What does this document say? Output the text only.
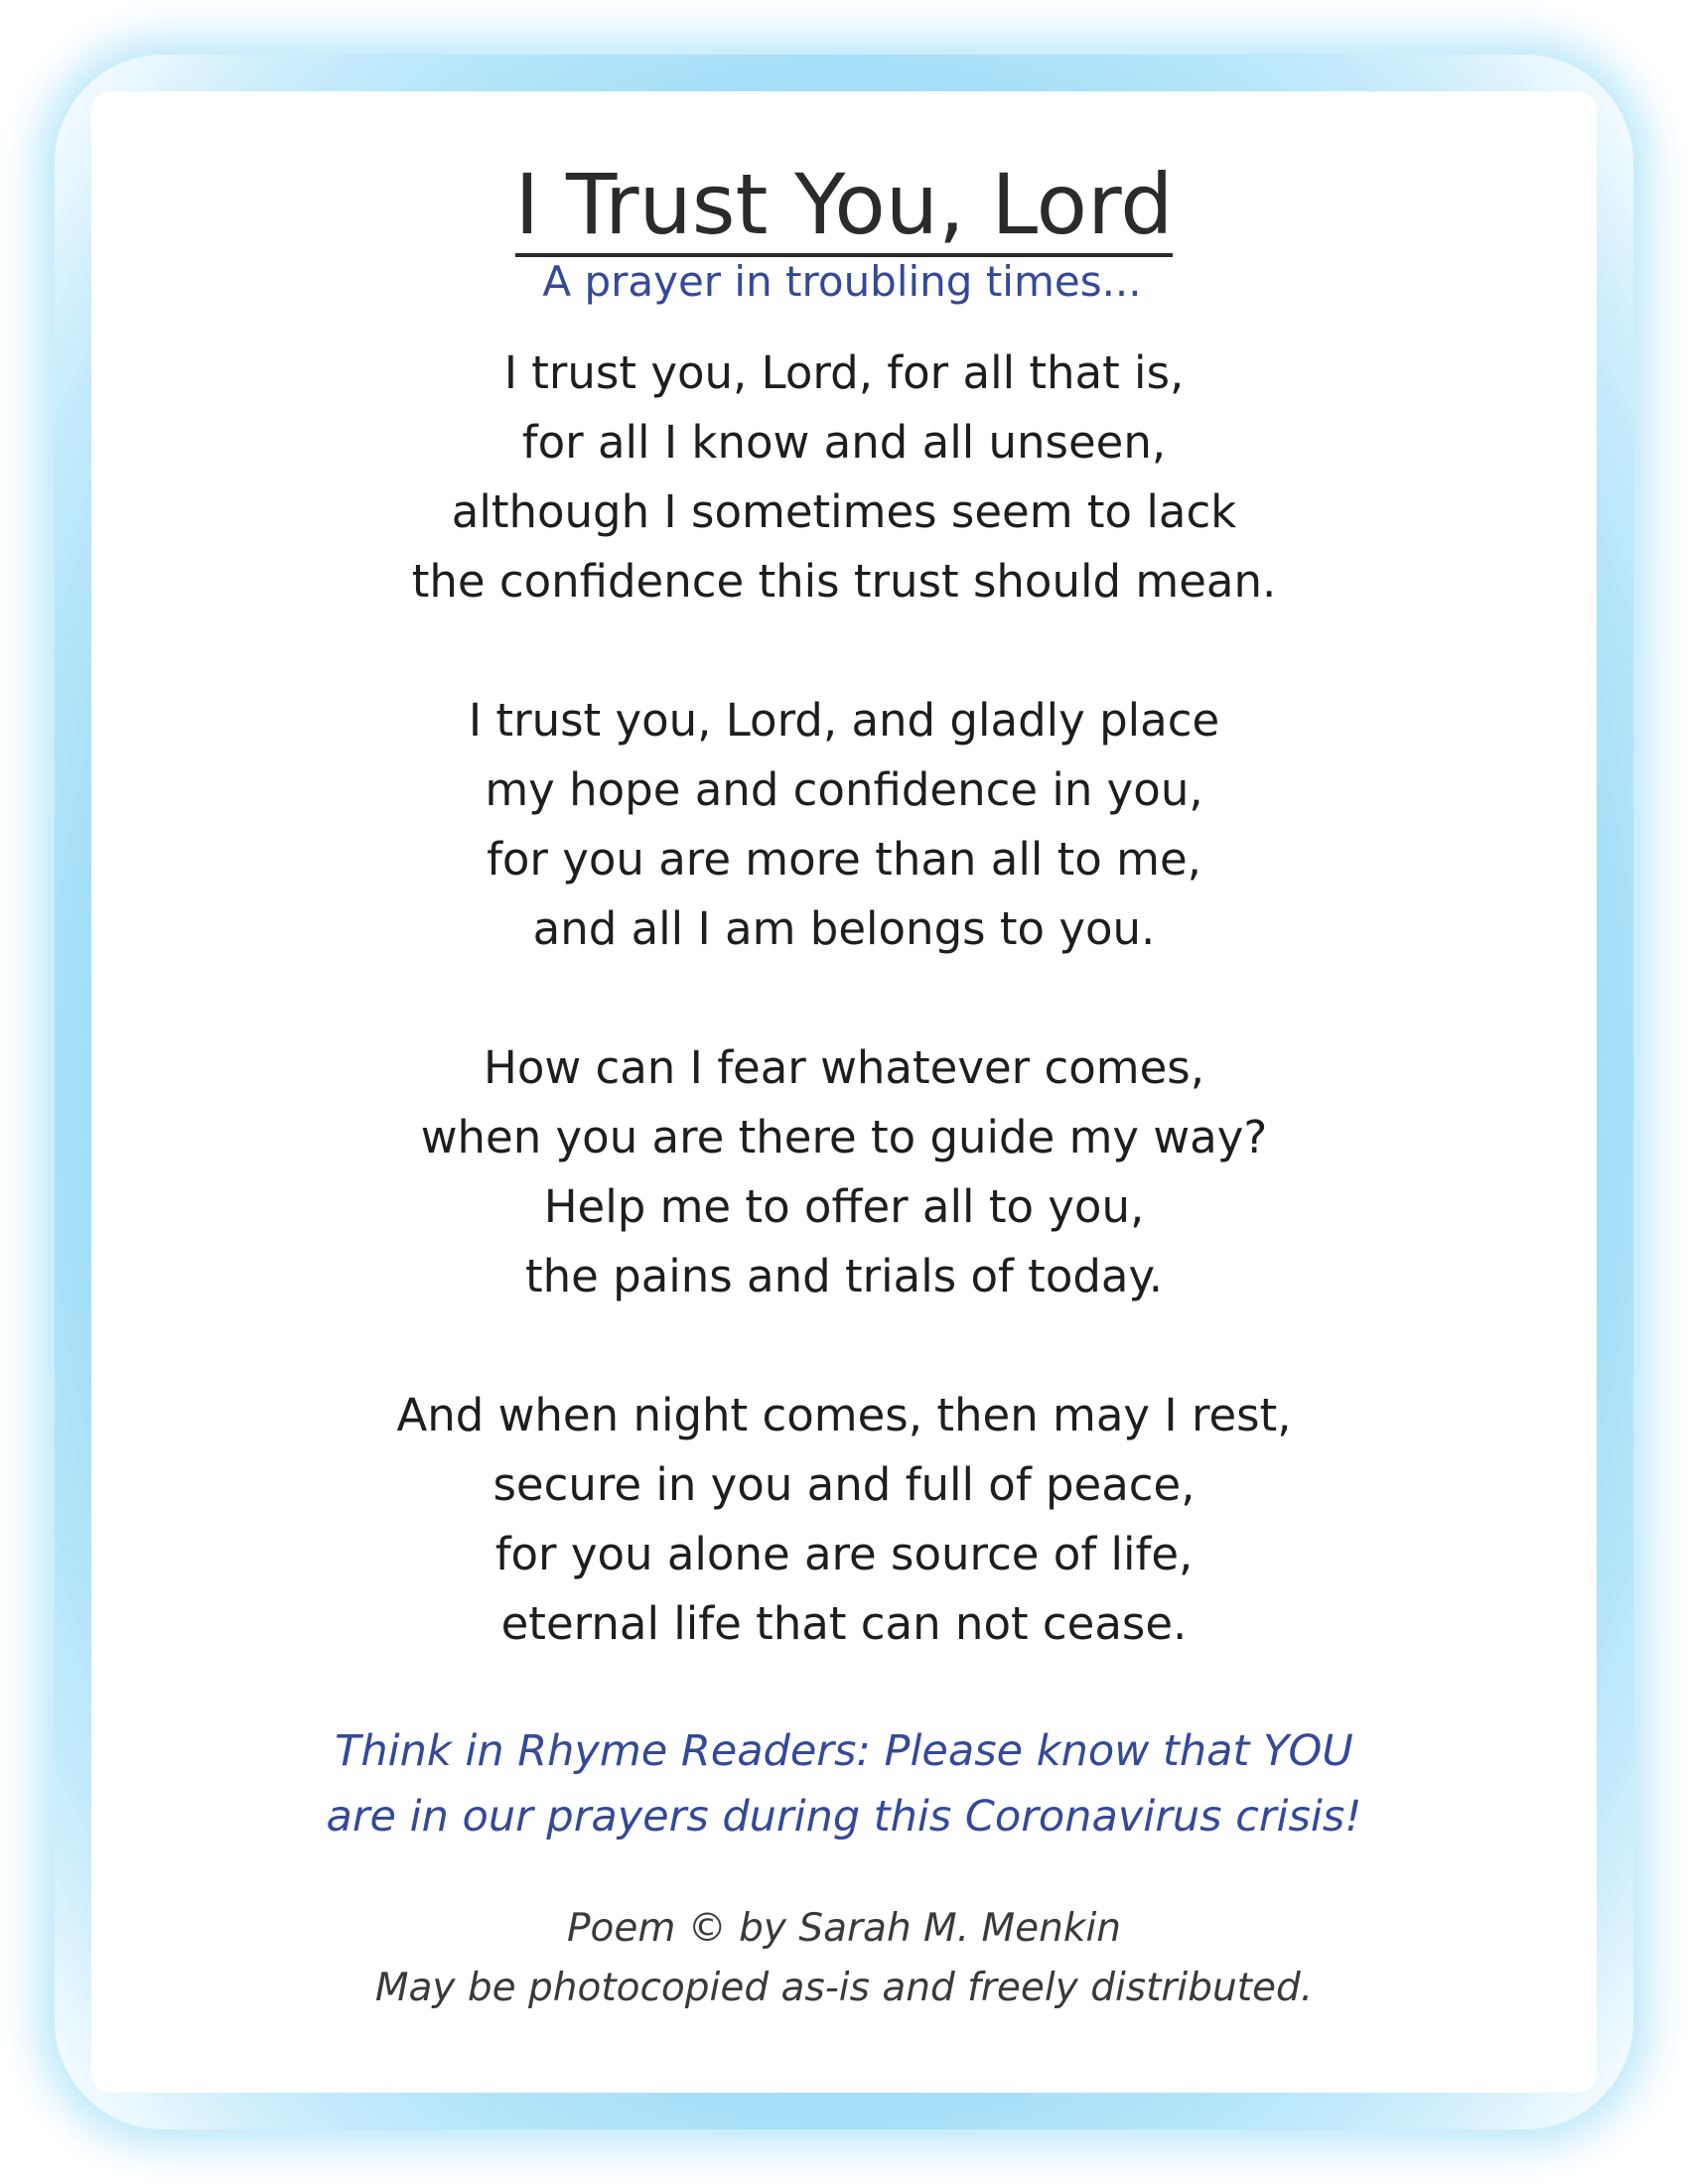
I Trust You, Lord
A prayer in troubling times...
I trust you, Lord, for all that is,
for all I know and all unseen,
although I sometimes seem to lack
the confidence this trust should mean.
I trust you, Lord, and gladly place
my hope and confidence in you,
for you are more than all to me,
and all I am belongs to you.
How can I fear whatever comes,
when you are there to guide my way?
Help me to offer all to you,
the pains and trials of today.
And when night comes, then may I rest,
secure in you and full of peace,
for you alone are source of life,
eternal life that can not cease.
Think in Rhyme Readers: Please know that YOU
are in our prayers during this Coronavirus crisis!
Poem © by Sarah M. Menkin
May be photocopied as-is and freely distributed.
